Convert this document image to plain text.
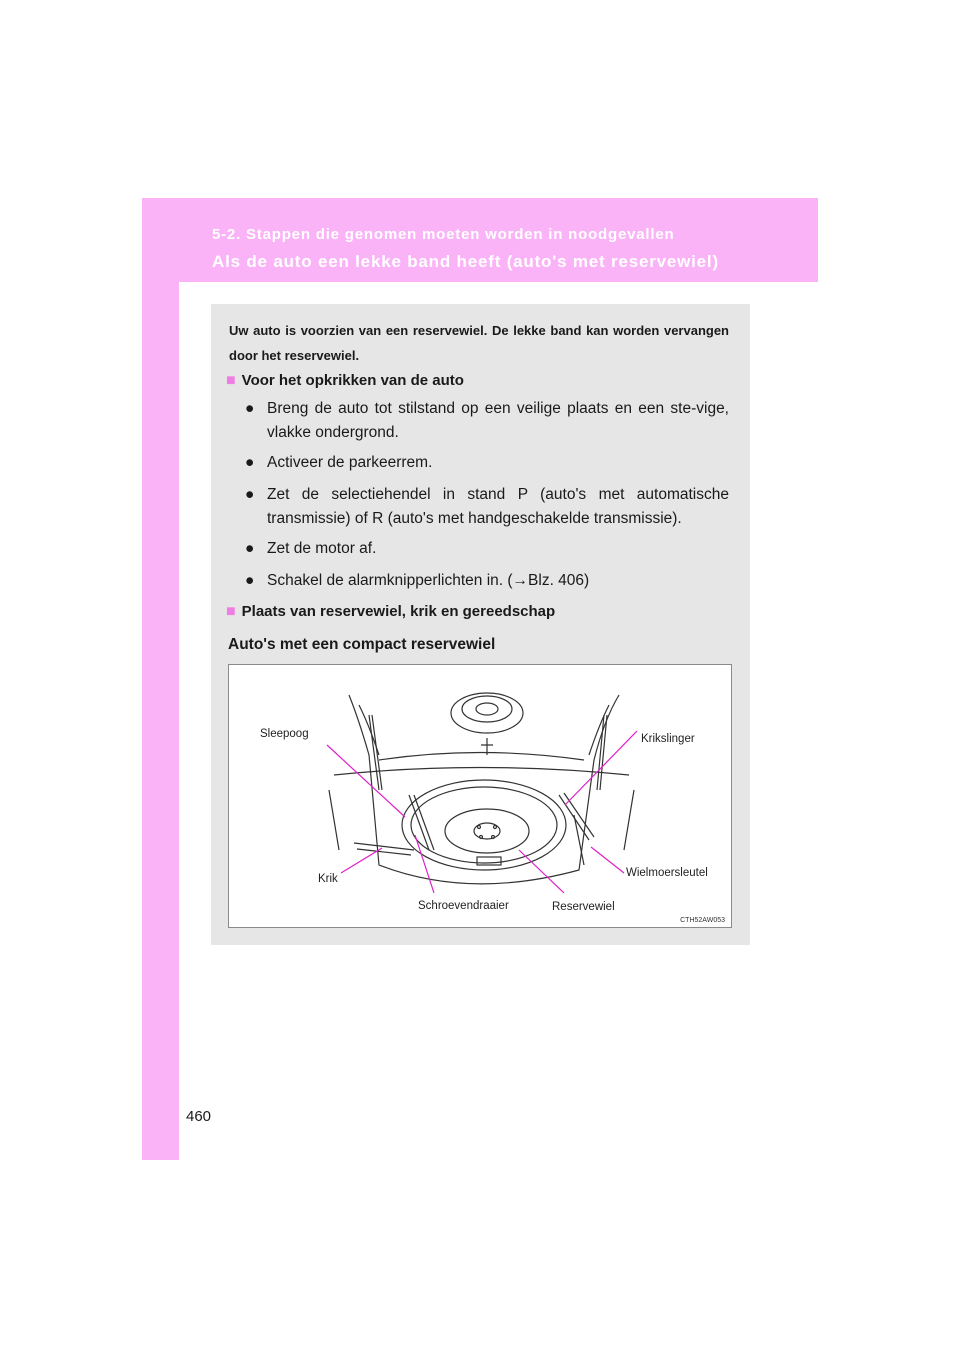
5-2. Stappen die genomen moeten worden in noodgevallen
Als de auto een lekke band heeft (auto's met reservewiel)
Uw auto is voorzien van een reservewiel. De lekke band kan worden vervangen door het reservewiel.
■ Voor het opkrikken van de auto
● Breng de auto tot stilstand op een veilige plaats en een ste-vige, vlakke ondergrond.
● Activeer de parkeerrem.
● Zet de selectiehendel in stand P (auto's met automatische transmissie) of R (auto's met handgeschakelde transmissie).
● Zet de motor af.
● Schakel de alarmknipperlichten in. (→Blz. 406)
■ Plaats van reservewiel, krik en gereedschap
Auto's met een compact reservewiel
Sleepoog	Krikslinger
Wielmoersleutel
Krik
Schroevendraaier	Reservewiel
CTH52AW053
460
